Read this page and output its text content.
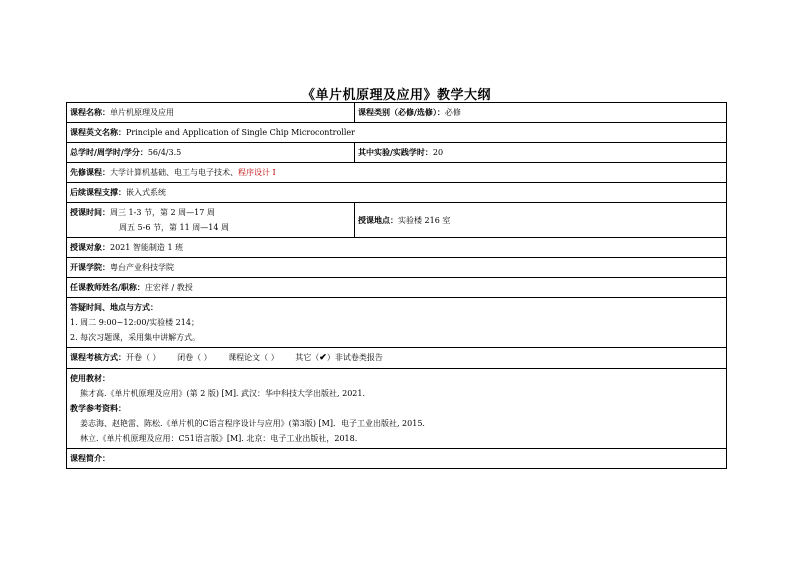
《单片机原理及应用》教学大纲
课程名称：单片机原理及应用	课程类别（必修/选修）：必修
课程英文名称：Principle and Application of Single Chip Microcontroller
总学时/周学时/学分：56/4/3.5	其中实验/实践学时：20
先修课程：大学计算机基础、电工与电子技术、程序设计 I
后续课程支撑：嵌入式系统
授课时间：周三 1-3 节，第 2 周—17 周
周五 5-6 节，第 11 周—14 周
授课地点：实验楼 216 室
授课对象：2021 智能制造 1 班
开课学院：粤台产业科技学院
任课教师姓名/职称：庄宏祥 / 教授
答疑时间、地点与方式：
1. 周二 9:00~12:00/实验楼 214；
2. 每次习题课，采用集中讲解方式。
课程考核方式：开卷（ ） 闭卷（ ） 课程论文（ ） 其它（✔）非试卷类报告
使用教材：
熊才高.《单片机原理及应用》(第 2 版) [M]. 武汉：华中科技大学出版社, 2021.
教学参考资料：
姜志海、赵艳雷、陈松.《单片机的C语言程序设计与应用》(第3版) [M]．电子工业出版社, 2015.
林立.《单片机原理及应用：C51语言版》[M]. 北京：电子工业出版社，2018.
课程简介：
